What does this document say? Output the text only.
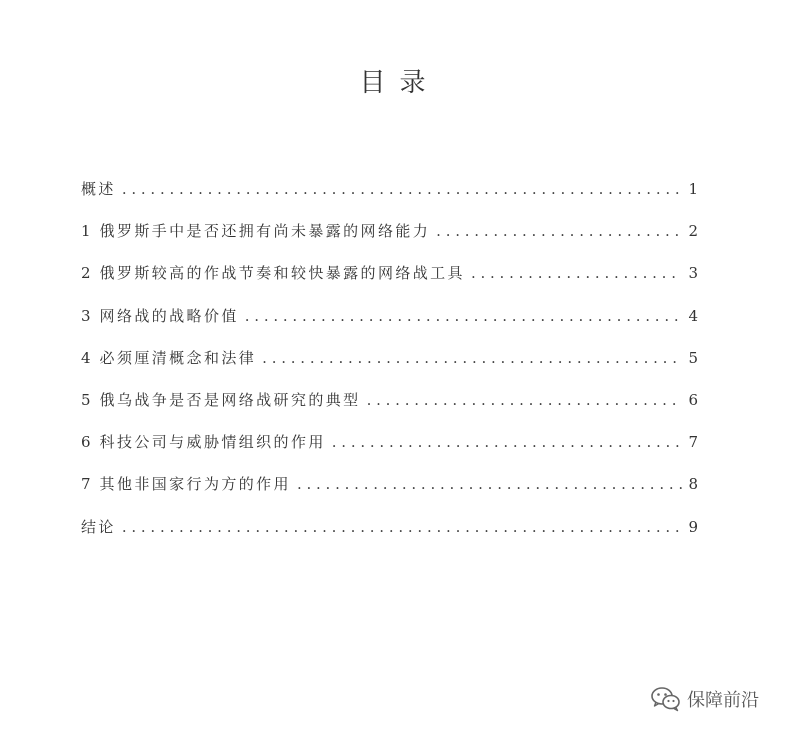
目录
概述 . . .	1
1 俄罗斯手中是否还拥有尚未暴露的网络能力 . . .	2
2 俄罗斯较高的作战节奏和较快暴露的网络战工具 . . .	3
3 网络战的战略价值 . . .	4
4 必须厘清概念和法律 . . .	5
5 俄乌战争是否是网络战研究的典型 . . .	6
6 科技公司与威胁情组织的作用 . . .	7
7 其他非国家行为方的作用 . . .	8
结论 . . .	9
保障前沿
